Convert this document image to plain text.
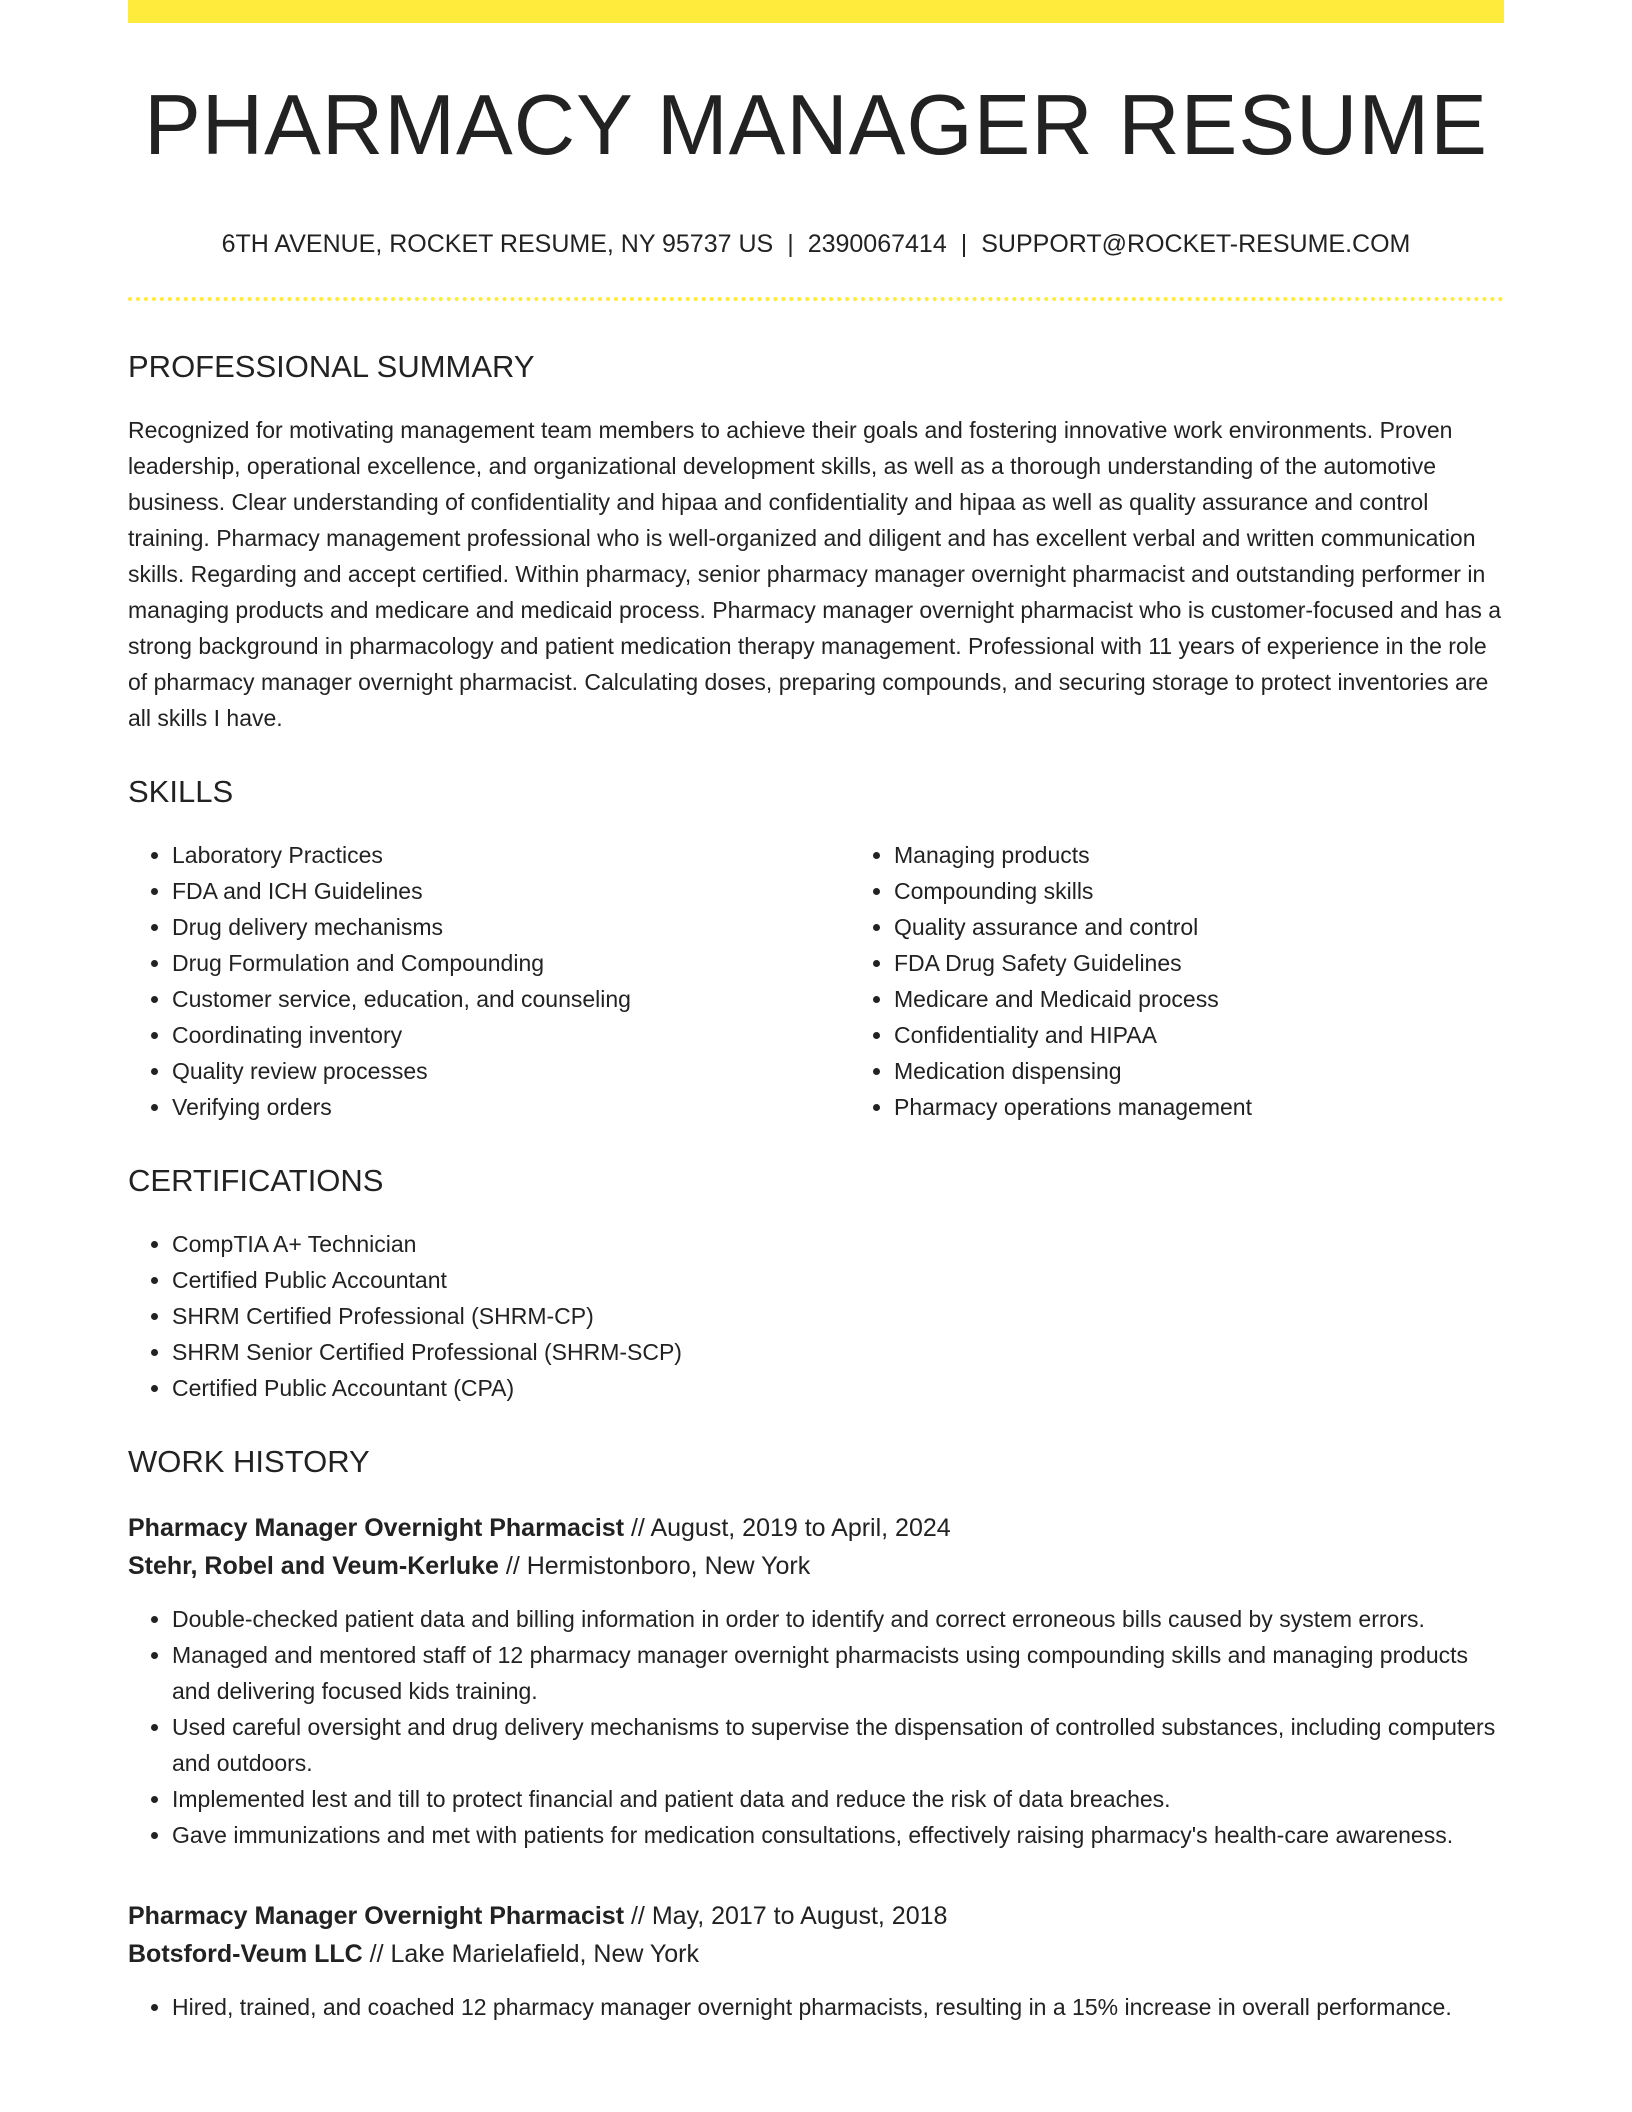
PHARMACY MANAGER RESUME
6TH AVENUE, ROCKET RESUME, NY 95737 US | 2390067414 | SUPPORT@ROCKET-RESUME.COM
PROFESSIONAL SUMMARY

Recognized for motivating management team members to achieve their goals and fostering innovative work environments. Proven leadership, operational excellence, and organizational development skills, as well as a thorough understanding of the automotive business. Clear understanding of confidentiality and hipaa and confidentiality and hipaa as well as quality assurance and control training. Pharmacy management professional who is well-organized and diligent and has excellent verbal and written communication skills. Regarding and accept certified. Within pharmacy, senior pharmacy manager overnight pharmacist and outstanding performer in managing products and medicare and medicaid process. Pharmacy manager overnight pharmacist who is customer-focused and has a strong background in pharmacology and patient medication therapy management. Professional with 11 years of experience in the role of pharmacy manager overnight pharmacist. Calculating doses, preparing compounds, and securing storage to protect inventories are all skills I have.

SKILLS
• Laboratory Practices
• FDA and ICH Guidelines
• Drug delivery mechanisms
• Drug Formulation and Compounding
• Customer service, education, and counseling
• Coordinating inventory
• Quality review processes
• Verifying orders
• Managing products
• Compounding skills
• Quality assurance and control
• FDA Drug Safety Guidelines
• Medicare and Medicaid process
• Confidentiality and HIPAA
• Medication dispensing
• Pharmacy operations management
CERTIFICATIONS
• CompTIA A+ Technician
• Certified Public Accountant
• SHRM Certified Professional (SHRM-CP)
• SHRM Senior Certified Professional (SHRM-SCP)
• Certified Public Accountant (CPA)
WORK HISTORY
Pharmacy Manager Overnight Pharmacist // August, 2019 to April, 2024
Stehr, Robel and Veum-Kerluke // Hermistonboro, New York
• Double-checked patient data and billing information in order to identify and correct erroneous bills caused by system errors.
• Managed and mentored staff of 12 pharmacy manager overnight pharmacists using compounding skills and managing products and delivering focused kids training.
• Used careful oversight and drug delivery mechanisms to supervise the dispensation of controlled substances, including computers and outdoors.
• Implemented lest and till to protect financial and patient data and reduce the risk of data breaches.
• Gave immunizations and met with patients for medication consultations, effectively raising pharmacy's health-care awareness.
Pharmacy Manager Overnight Pharmacist // May, 2017 to August, 2018
Botsford-Veum LLC // Lake Marielafield, New York
• Hired, trained, and coached 12 pharmacy manager overnight pharmacists, resulting in a 15% increase in overall performance.
